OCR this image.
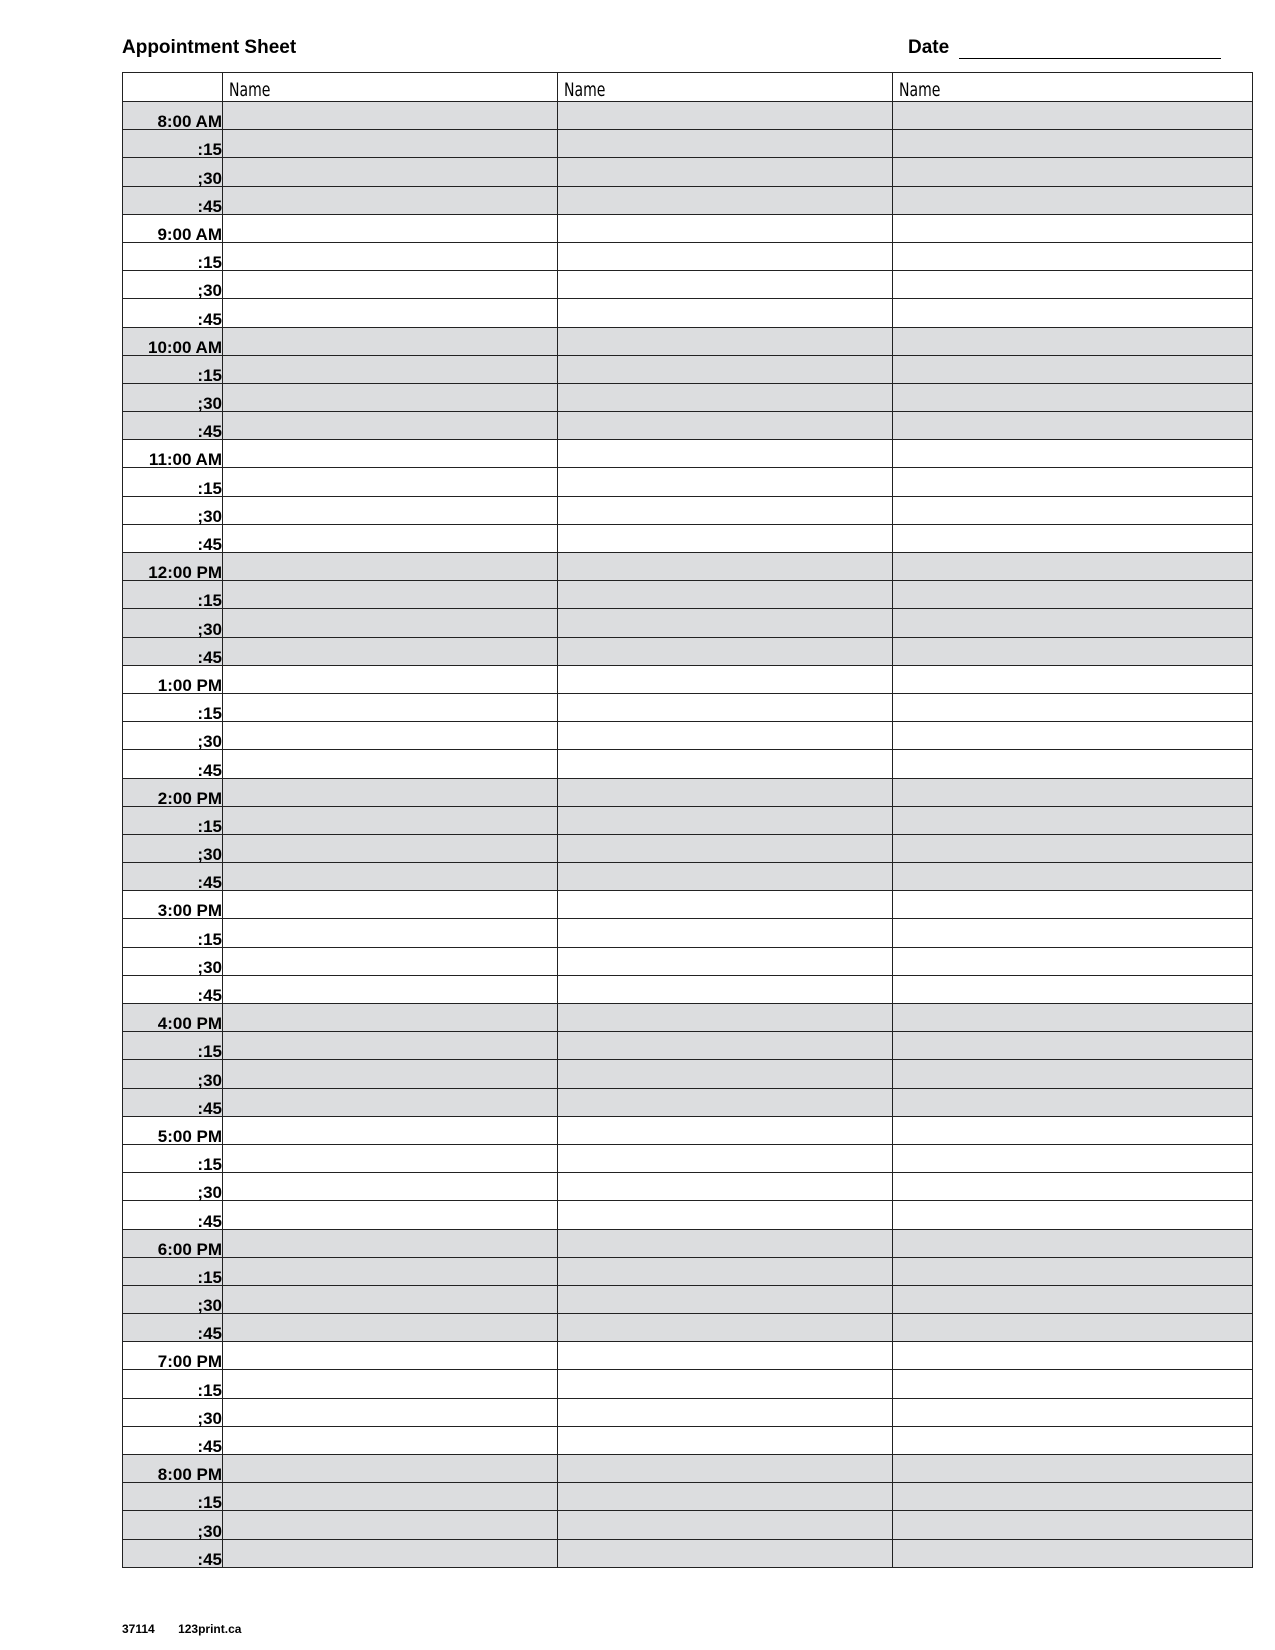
Appointment Sheet	Date
	Name	Name	Name
8:00 AM			
:15			
;30			
:45			
9:00 AM			
:15			
;30			
:45			
10:00 AM			
:15			
;30			
:45			
11:00 AM			
:15			
;30			
:45			
12:00 PM			
:15			
;30			
:45			
1:00 PM			
:15			
;30			
:45			
2:00 PM			
:15			
;30			
:45			
3:00 PM			
:15			
;30			
:45			
4:00 PM			
:15			
;30			
:45			
5:00 PM			
:15			
;30			
:45			
6:00 PM			
:15			
;30			
:45			
7:00 PM			
:15			
;30			
:45			
8:00 PM			
:15			
;30			
:45			
37114 123print.ca
